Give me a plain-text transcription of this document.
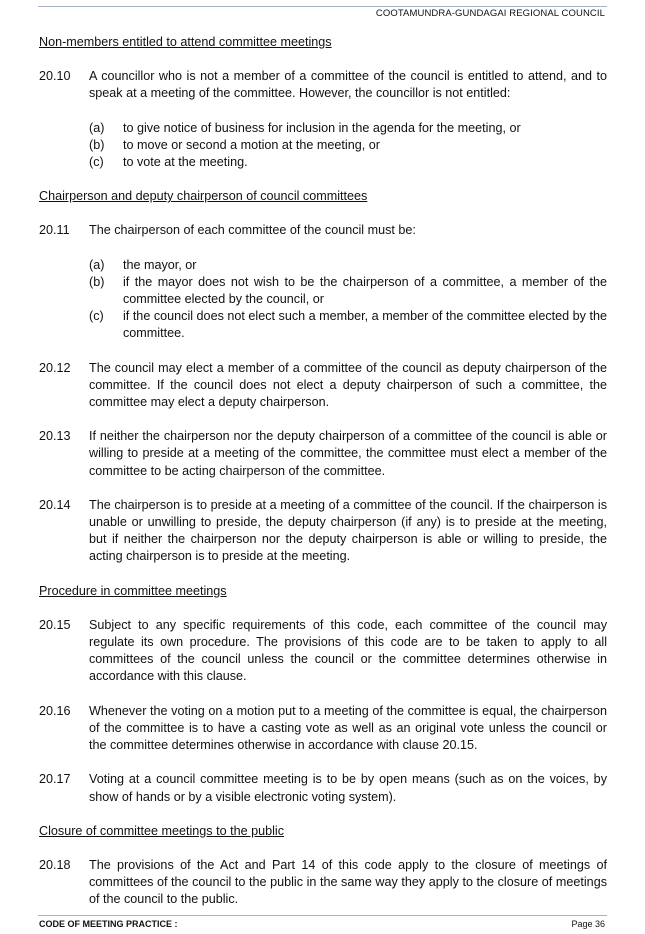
COOTAMUNDRA-GUNDAGAI REGIONAL COUNCIL
Non-members entitled to attend committee meetings
20.10	A councillor who is not a member of a committee of the council is entitled to attend, and to speak at a meeting of the committee. However, the councillor is not entitled:
(a)	to give notice of business for inclusion in the agenda for the meeting, or
(b)	to move or second a motion at the meeting, or
(c)	to vote at the meeting.
Chairperson and deputy chairperson of council committees
20.11	The chairperson of each committee of the council must be:
(a)	the mayor, or
(b)	if the mayor does not wish to be the chairperson of a committee, a member of the committee elected by the council, or
(c)	if the council does not elect such a member, a member of the committee elected by the committee.
20.12	The council may elect a member of a committee of the council as deputy chairperson of the committee. If the council does not elect a deputy chairperson of such a committee, the committee may elect a deputy chairperson.
20.13	If neither the chairperson nor the deputy chairperson of a committee of the council is able or willing to preside at a meeting of the committee, the committee must elect a member of the committee to be acting chairperson of the committee.
20.14	The chairperson is to preside at a meeting of a committee of the council. If the chairperson is unable or unwilling to preside, the deputy chairperson (if any) is to preside at the meeting, but if neither the chairperson nor the deputy chairperson is able or willing to preside, the acting chairperson is to preside at the meeting.
Procedure in committee meetings
20.15	Subject to any specific requirements of this code, each committee of the council may regulate its own procedure. The provisions of this code are to be taken to apply to all committees of the council unless the council or the committee determines otherwise in accordance with this clause.
20.16	Whenever the voting on a motion put to a meeting of the committee is equal, the chairperson of the committee is to have a casting vote as well as an original vote unless the council or the committee determines otherwise in accordance with clause 20.15.
20.17	Voting at a council committee meeting is to be by open means (such as on the voices, by show of hands or by a visible electronic voting system).
Closure of committee meetings to the public
20.18	The provisions of the Act and Part 14 of this code apply to the closure of meetings of committees of the council to the public in the same way they apply to the closure of meetings of the council to the public.
CODE OF MEETING PRACTICE :	Page 36
